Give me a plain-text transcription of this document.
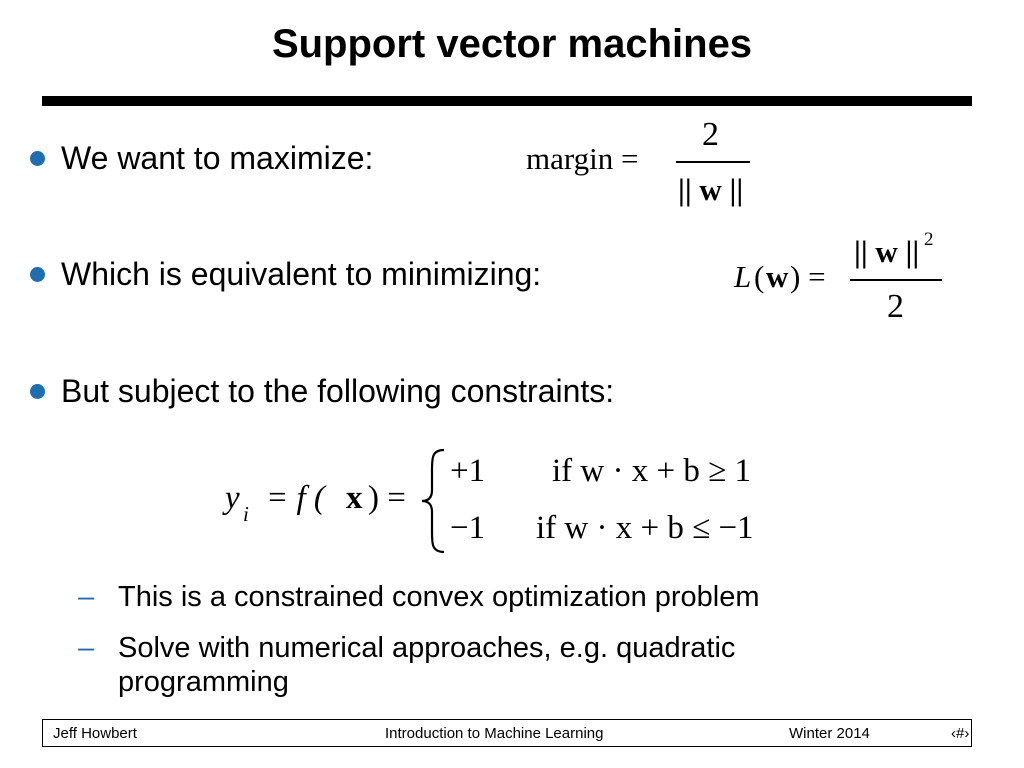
Support vector machines
We want to maximize:	margin =
2
|| w ||
Which is equivalent to minimizing:	L ( w ) =
|| w || 2
2
But subject to the following constraints:
y i = f ( x ) =
+1 if w · x + b ≥ 1
−1 if w · x + b ≤ −1
– This is a constrained convex optimization problem
– Solve with numerical approaches, e.g. quadratic programming
Jeff Howbert	Introduction to Machine Learning	Winter 2014	‹#›
